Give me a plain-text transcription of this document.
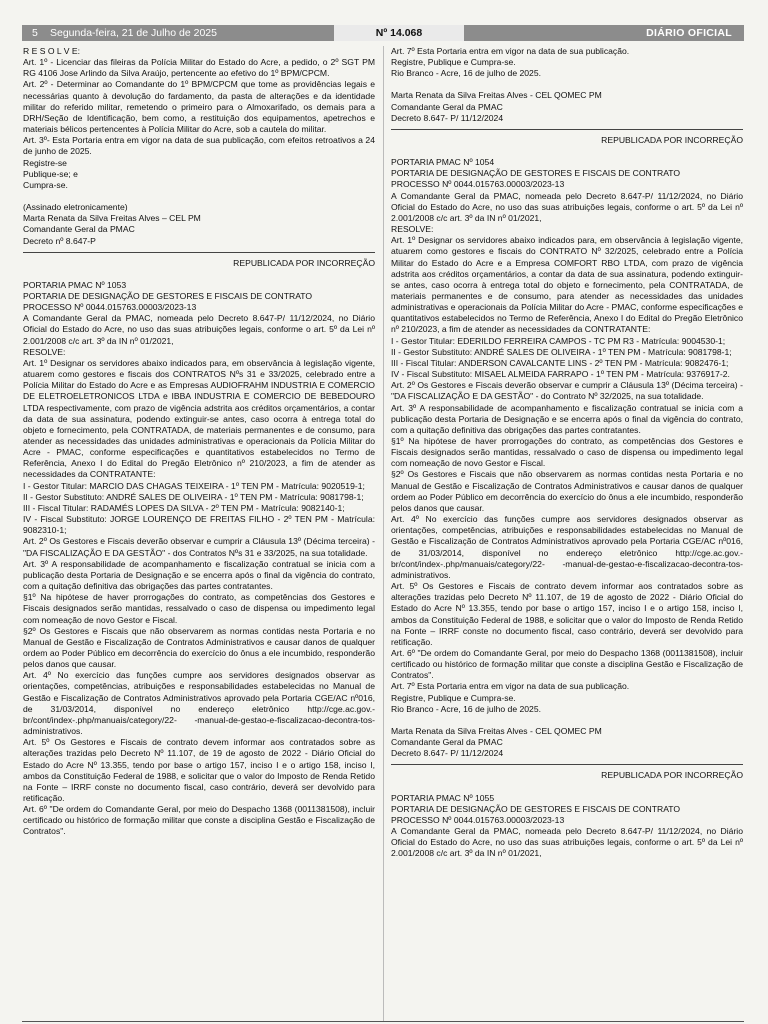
5 Segunda-feira, 21 de Julho de 2025	Nº 14.068	DIÁRIO OFICIAL

R E S O L V E:

Art. 1º - Licenciar das fileiras da Polícia Militar do Estado do Acre, a pedido, o 2º SGT PM RG 4106 Jose Arlindo da Silva Araújo, pertencente ao efetivo do 1º BPM/CPCM.

Art. 2º - Determinar ao Comandante do 1º BPM/CPCM que tome as providências legais e necessárias quanto à devolução do fardamento, da pasta de alterações e da identidade militar do referido militar, remetendo o primeiro para o Almoxarifado, os demais para a DRH/Seção de Identificação, bem como, a restituição dos equipamentos, apetrechos e materiais bélicos pertencentes à Polícia Militar do Acre, sob a cautela do militar.

Art. 3º- Esta Portaria entra em vigor na data de sua publicação, com efeitos retroativos a 24 de junho de 2025.

Registre-se

Publique-se; e

Cumpra-se.

(Assinado eletronicamente)

Marta Renata da Silva Freitas Alves – CEL PM

Comandante Geral da PMAC

Decreto nº 8.647-P

REPUBLICADA POR INCORREÇÃO

PORTARIA PMAC Nº 1053

PORTARIA DE DESIGNAÇÃO DE GESTORES E FISCAIS DE CONTRATO

PROCESSO Nº 0044.015763.00003/2023-13

A Comandante Geral da PMAC, nomeada pelo Decreto 8.647-P/ 11/12/2024, no Diário Oficial do Estado do Acre, no uso das suas atribuições legais, conforme o art. 5º da Lei nº 2.001/2008 c/c art. 3º da IN nº 01/2021,

RESOLVE:

Art. 1º Designar os servidores abaixo indicados para, em observância à legislação vigente, atuarem como gestores e fiscais dos CONTRATOS Nºs 31 e 33/2025, celebrado entre a Polícia Militar do Estado do Acre e as Empresas AUDIOFRAHM INDUSTRIA E COMERCIO DE ELETROELETRONICOS LTDA e IBBA INDUSTRIA E COMERCIO DE BEBEDOURO LTDA respectivamente, com prazo de vigência adstrita aos créditos orçamentários, a contar da data de sua assinatura, podendo extinguir-se antes, caso ocorra à entrega total do objeto e fornecimento, pela CONTRATADA, de materiais permanentes e de consumo, para atender as necessidades das unidades administrativas e operacionais da Polícia Militar do Acre - PMAC, conforme especificações e quantitativos estabelecidos no Termo de Referência, Anexo I do Edital do Pregão Eletrônico nº 210/2023, a fim de atender as necessidades da CONTRATANTE:

I - Gestor Titular: MARCIO DAS CHAGAS TEIXEIRA - 1º TEN PM - Matrícula: 9020519-1;

II - Gestor Substituto: ANDRÉ SALES DE OLIVEIRA - 1º TEN PM - Matrícula: 9081798-1;

III - Fiscal Titular: RADAMÉS LOPES DA SILVA - 2º TEN PM - Matrícula: 9082140-1;

IV - Fiscal Substituto: JORGE LOURENÇO DE FREITAS FILHO - 2º TEN PM - Matrícula: 9082310-1;

Art. 2º Os Gestores e Fiscais deverão observar e cumprir a Cláusula 13º (Décima terceira) - "DA FISCALIZAÇÃO E DA GESTÃO" - dos Contratos Nºs 31 e 33/2025, na sua totalidade.

Art. 3º A responsabilidade de acompanhamento e fiscalização contratual se inicia com a publicação desta Portaria de Designação e se encerra após o final da vigência do contrato, com a quitação definitiva das obrigações das partes contratantes.

§1º Na hipótese de haver prorrogações do contrato, as competências dos Gestores e Fiscais designados serão mantidas, ressalvado o caso de dispensa ou impedimento legal com nomeação de novo Gestor e Fiscal.

§2º Os Gestores e Fiscais que não observarem as normas contidas nesta Portaria e no Manual de Gestão e Fiscalização de Contratos Administrativos e causar danos de qualquer ordem ao Poder Público em decorrência do exercício do ônus a ele incumbido, responderão pelos danos que causar.

Art. 4º No exercício das funções cumpre aos servidores designados observar as orientações, competências, atribuições e responsabilidades estabelecidas no Manual de Gestão e Fiscalização de Contratos Administrativos aprovado pela Portaria CGE/AC nº016, de 31/03/2014, disponível no endereço eletrônico http://cge.ac.gov.-br/cont/index-.php/manuais/category/22- -manual-de-gestao-e-fiscalizacao-decontra-tos-administrativos.

Art. 5º Os Gestores e Fiscais de contrato devem informar aos contratados sobre as alterações trazidas pelo Decreto Nº 11.107, de 19 de agosto de 2022 - Diário Oficial do Estado do Acre Nº 13.355, tendo por base o artigo 157, inciso I e o artigo 158, inciso I, ambos da Constituição Federal de 1988, e solicitar que o valor do Imposto de Renda Retido na Fonte – IRRF conste no documento fiscal, caso contrário, deverá ser devolvido para retificação.

Art. 6º "De ordem do Comandante Geral, por meio do Despacho 1368 (0011381508), incluir certificado ou histórico de formação militar que conste a disciplina Gestão e Fiscalização de Contratos".

Art. 7º Esta Portaria entra em vigor na data de sua publicação.

Registre, Publique e Cumpra-se.

Rio Branco - Acre, 16 de julho de 2025.

Marta Renata da Silva Freitas Alves - CEL QOMEC PM

Comandante Geral da PMAC

Decreto 8.647- P/ 11/12/2024

REPUBLICADA POR INCORREÇÃO

PORTARIA PMAC Nº 1054

PORTARIA DE DESIGNAÇÃO DE GESTORES E FISCAIS DE CONTRATO

PROCESSO Nº 0044.015763.00003/2023-13

A Comandante Geral da PMAC, nomeada pelo Decreto 8.647-P/ 11/12/2024, no Diário Oficial do Estado do Acre, no uso das suas atribuições legais, conforme o art. 5º da Lei nº 2.001/2008 c/c art. 3º da IN nº 01/2021,

RESOLVE:

Art. 1º Designar os servidores abaixo indicados para, em observância à legislação vigente, atuarem como gestores e fiscais do CONTRATO Nº 32/2025, celebrado entre a Polícia Militar do Estado do Acre e a Empresa COMFORT RBO LTDA, com prazo de vigência adstrita aos créditos orçamentários, a contar da data de sua assinatura, podendo extinguir-se antes, caso ocorra à entrega total do objeto e fornecimento, pela CONTRATADA, de materiais permanentes e de consumo, para atender as necessidades das unidades administrativas e operacionais da Polícia Militar do Acre - PMAC, conforme especificações e quantitativos estabelecidos no Termo de Referência, Anexo I do Edital do Pregão Eletrônico nº 210/2023, a fim de atender as necessidades da CONTRATANTE:

I - Gestor Titular: EDERILDO FERREIRA CAMPOS - TC PM R3 - Matrícula: 9004530-1;

II - Gestor Substituto: ANDRÉ SALES DE OLIVEIRA - 1º TEN PM - Matrícula: 9081798-1;

III - Fiscal Titular: ANDERSON CAVALCANTE LINS - 2º TEN PM - Matrícula: 9082476-1;

IV - Fiscal Substituto: MISAEL ALMEIDA FARRAPO - 1º TEN PM - Matrícula: 9376917-2.

Art. 2º Os Gestores e Fiscais deverão observar e cumprir a Cláusula 13º (Décima terceira) - "DA FISCALIZAÇÃO E DA GESTÃO" - do Contrato Nº 32/2025, na sua totalidade.

Art. 3º A responsabilidade de acompanhamento e fiscalização contratual se inicia com a publicação desta Portaria de Designação e se encerra após o final da vigência do contrato, com a quitação definitiva das obrigações das partes contratantes.

§1º Na hipótese de haver prorrogações do contrato, as competências dos Gestores e Fiscais designados serão mantidas, ressalvado o caso de dispensa ou impedimento legal com nomeação de novo Gestor e Fiscal.

§2º Os Gestores e Fiscais que não observarem as normas contidas nesta Portaria e no Manual de Gestão e Fiscalização de Contratos Administrativos e causar danos de qualquer ordem ao Poder Público em decorrência do exercício do ônus a ele incumbido, responderão pelos danos que causar.

Art. 4º No exercício das funções cumpre aos servidores designados observar as orientações, competências, atribuições e responsabilidades estabelecidas no Manual de Gestão e Fiscalização de Contratos Administrativos aprovado pela Portaria CGE/AC nº016, de 31/03/2014, disponível no endereço eletrônico http://cge.ac.gov.-br/cont/index-.php/manuais/category/22- -manual-de-gestao-e-fiscalizacao-decontra-tos-administrativos.

Art. 5º Os Gestores e Fiscais de contrato devem informar aos contratados sobre as alterações trazidas pelo Decreto Nº 11.107, de 19 de agosto de 2022 - Diário Oficial do Estado do Acre Nº 13.355, tendo por base o artigo 157, inciso I e o artigo 158, inciso I, ambos da Constituição Federal de 1988, e solicitar que o valor do Imposto de Renda Retido na Fonte – IRRF conste no documento fiscal, caso contrário, deverá ser devolvido para retificação.

Art. 6º "De ordem do Comandante Geral, por meio do Despacho 1368 (0011381508), incluir certificado ou histórico de formação militar que conste a disciplina Gestão e Fiscalização de Contratos".

Art. 7º Esta Portaria entra em vigor na data de sua publicação.

Registre, Publique e Cumpra-se.

Rio Branco - Acre, 16 de julho de 2025.

Marta Renata da Silva Freitas Alves - CEL QOMEC PM

Comandante Geral da PMAC

Decreto 8.647- P/ 11/12/2024

REPUBLICADA POR INCORREÇÃO

PORTARIA PMAC Nº 1055

PORTARIA DE DESIGNAÇÃO DE GESTORES E FISCAIS DE CONTRATO

PROCESSO Nº 0044.015763.00003/2023-13

A Comandante Geral da PMAC, nomeada pelo Decreto 8.647-P/ 11/12/2024, no Diário Oficial do Estado do Acre, no uso das suas atribuições legais, conforme o art. 5º da Lei nº 2.001/2008 c/c art. 3º da IN nº 01/2021,
